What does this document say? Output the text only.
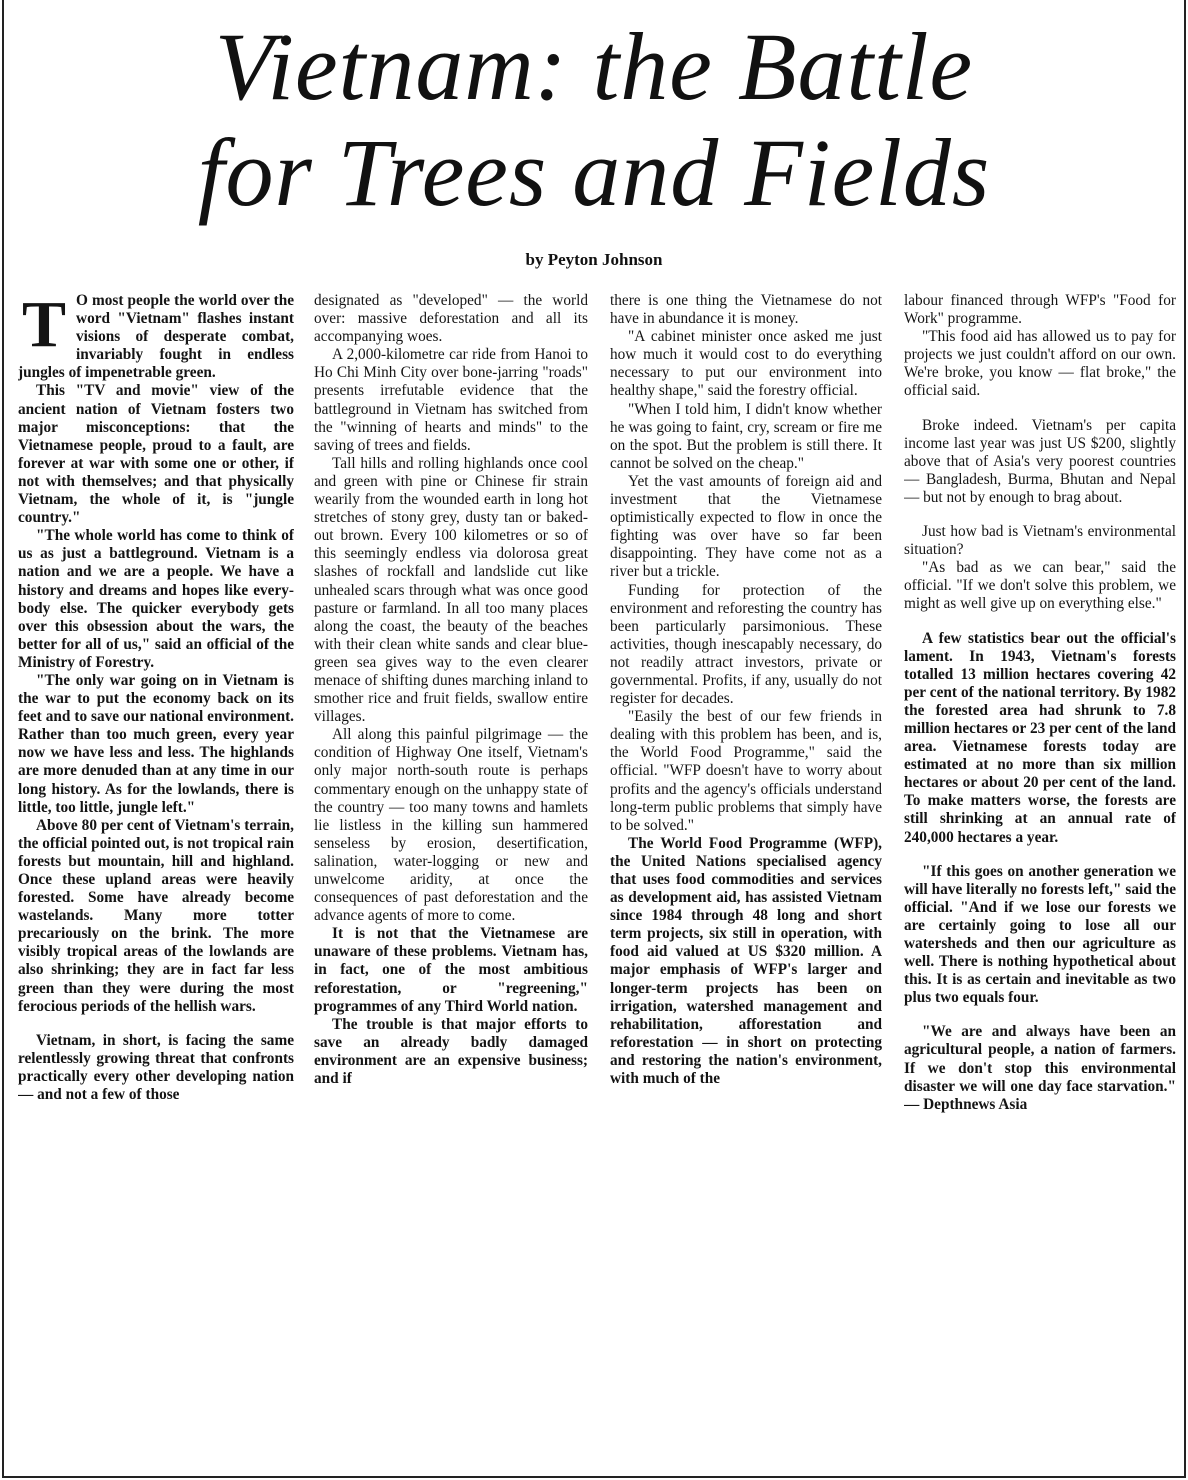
Vietnam: the Battle
for Trees and Fields
by Peyton Johnson
T O most people the world over the word "Vietnam" flashes instant visions of desperate combat, invariably fought in endless jungles of impenetrable green.

This "TV and movie" view of the ancient nation of Vietnam fosters two major misconceptions: that the Vietnamese people, proud to a fault, are forever at war with some one or other, if not with themselves; and that physically Vietnam, the whole of it, is "jungle country."

"The whole world has come to think of us as just a battleground. Vietnam is a nation and we are a people. We have a history and dreams and hopes like every-body else. The quicker everybody gets over this obsession about the wars, the better for all of us," said an official of the Ministry of Forestry.

"The only war going on in Vietnam is the war to put the economy back on its feet and to save our national environment. Rather than too much green, every year now we have less and less. The highlands are more denuded than at any time in our long history. As for the lowlands, there is little, too little, jungle left."

Above 80 per cent of Vietnam's terrain, the official pointed out, is not tropical rain forests but mountain, hill and highland. Once these upland areas were heavily forested. Some have already become wastelands. Many more totter precariously on the brink. The more visibly tropical areas of the lowlands are also shrinking; they are in fact far less green than they were during the most ferocious periods of the hellish wars.

Vietnam, in short, is facing the same relentlessly growing threat that confronts practically every other developing nation — and not a few of those

designated as "developed" — the world over: massive deforestation and all its accompanying woes.

A 2,000-kilometre car ride from Hanoi to Ho Chi Minh City over bone-jarring "roads" presents irrefutable evidence that the battleground in Vietnam has switched from the "winning of hearts and minds" to the saving of trees and fields.

Tall hills and rolling highlands once cool and green with pine or Chinese fir strain wearily from the wounded earth in long hot stretches of stony grey, dusty tan or baked-out brown. Every 100 kilometres or so of this seemingly endless via dolorosa great slashes of rockfall and landslide cut like unhealed scars through what was once good pasture or farmland. In all too many places along the coast, the beauty of the beaches with their clean white sands and clear blue-green sea gives way to the even clearer menace of shifting dunes marching inland to smother rice and fruit fields, swallow entire villages.

All along this painful pilgrimage — the condition of Highway One itself, Vietnam's only major north-south route is perhaps commentary enough on the unhappy state of the country — too many towns and hamlets lie listless in the killing sun hammered senseless by erosion, desertification, salination, water-logging or new and unwelcome aridity, at once the consequences of past deforestation and the advance agents of more to come.

It is not that the Vietnamese are unaware of these problems. Vietnam has, in fact, one of the most ambitious reforestation, or "regreening," programmes of any Third World nation.

The trouble is that major efforts to save an already badly damaged environment are an expensive business; and if

there is one thing the Vietnamese do not have in abundance it is money.

"A cabinet minister once asked me just how much it would cost to do everything necessary to put our environment into healthy shape," said the forestry official.

"When I told him, I didn't know whether he was going to faint, cry, scream or fire me on the spot. But the problem is still there. It cannot be solved on the cheap."

Yet the vast amounts of foreign aid and investment that the Vietnamese optimistically expected to flow in once the fighting was over have so far been disappointing. They have come not as a river but a trickle.

Funding for protection of the environment and reforesting the country has been particularly parsimonious. These activities, though inescapably necessary, do not readily attract investors, private or governmental. Profits, if any, usually do not register for decades.

"Easily the best of our few friends in dealing with this problem has been, and is, the World Food Programme," said the official. "WFP doesn't have to worry about profits and the agency's officials understand long-term public problems that simply have to be solved."

The World Food Programme (WFP), the United Nations specialised agency that uses food commodities and services as development aid, has assisted Vietnam since 1984 through 48 long and short term projects, six still in operation, with food aid valued at US $320 million. A major emphasis of WFP's larger and longer-term projects has been on irrigation, watershed management and rehabilitation, afforestation and reforestation — in short on protecting and restoring the nation's environment, with much of the

labour financed through WFP's "Food for Work" programme.

"This food aid has allowed us to pay for projects we just couldn't afford on our own. We're broke, you know — flat broke," the official said.

Broke indeed. Vietnam's per capita income last year was just US $200, slightly above that of Asia's very poorest countries — Bangladesh, Burma, Bhutan and Nepal — but not by enough to brag about.

Just how bad is Vietnam's environmental situation?

"As bad as we can bear," said the official. "If we don't solve this problem, we might as well give up on everything else."

A few statistics bear out the official's lament. In 1943, Vietnam's forests totalled 13 million hectares covering 42 per cent of the national territory. By 1982 the forested area had shrunk to 7.8 million hectares or 23 per cent of the land area. Vietnamese forests today are estimated at no more than six million hectares or about 20 per cent of the land. To make matters worse, the forests are still shrinking at an annual rate of 240,000 hectares a year.

"If this goes on another generation we will have literally no forests left," said the official. "And if we lose our forests we are certainly going to lose all our watersheds and then our agriculture as well. There is nothing hypothetical about this. It is as certain and inevitable as two plus two equals four.

"We are and always have been an agricultural people, a nation of farmers. If we don't stop this environmental disaster we will one day face starvation." — Depthnews Asia
